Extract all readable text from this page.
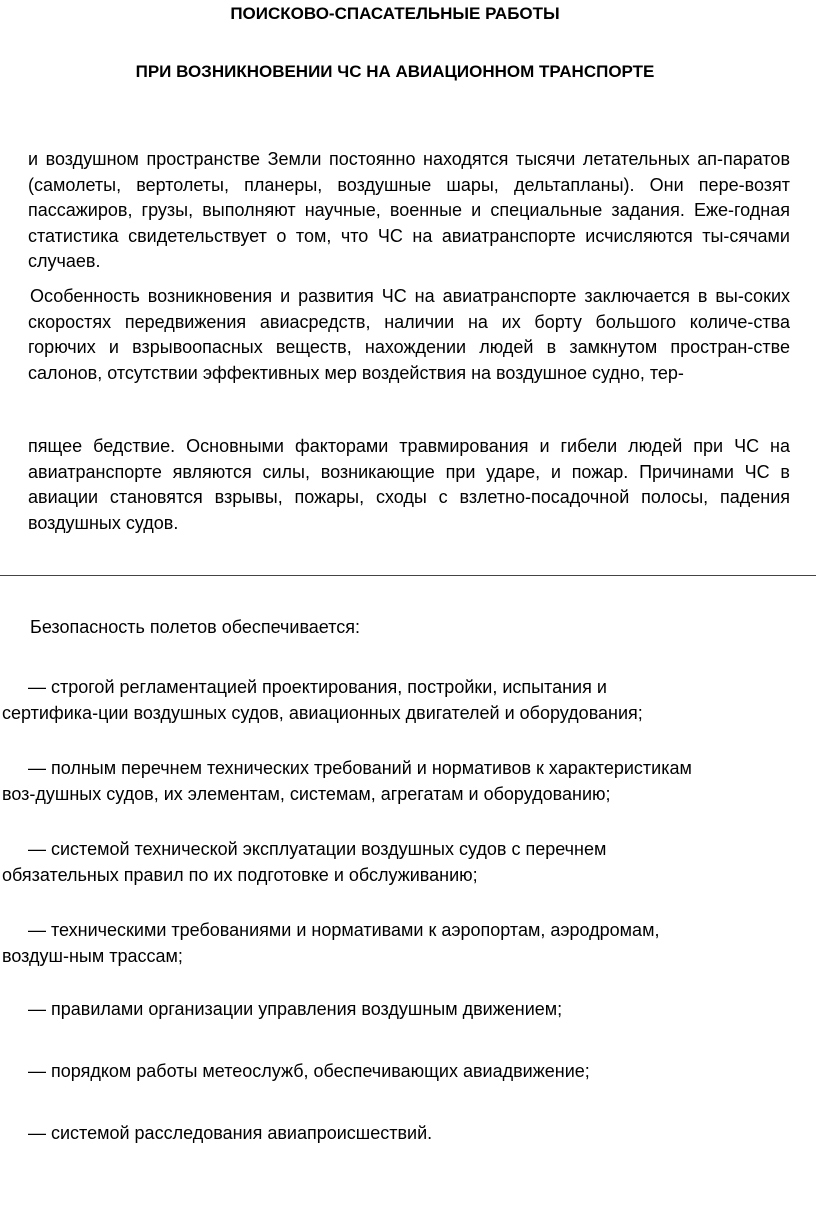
ПОИСКОВО-СПАСАТЕЛЬНЫЕ РАБОТЫ
ПРИ ВОЗНИКНОВЕНИИ ЧС НА АВИАЦИОННОМ ТРАНСПОРТЕ

и воздушном пространстве Земли постоянно находятся тысячи летательных ап-паратов (самолеты, вертолеты, планеры, воздушные шары, дельтапланы). Они пере-возят пассажиров, грузы, выполняют научные, военные и специальные задания. Еже-годная статистика свидетельствует о том, что ЧС на авиатранспорте исчисляются ты-сячами случаев.

Особенность возникновения и развития ЧС на авиатранспорте заключается в вы-соких скоростях передвижения авиасредств, наличии на их борту большого количе-ства горючих и взрывоопасных веществ, нахождении людей в замкнутом простран-стве салонов, отсутствии эффективных мер воздействия на воздушное судно, тер-

пящее бедствие. Основными факторами травмирования и гибели людей при ЧС на авиатранспорте являются силы, возникающие при ударе, и пожар. Причинами ЧС в авиации становятся взрывы, пожары, сходы с взлетно-посадочной полосы, падения воздушных судов.

Безопасность полетов обеспечивается:

— строгой регламентацией проектирования, постройки, испытания и
сертифика-ции воздушных судов, авиационных двигателей и оборудования;
— полным перечнем технических требований и нормативов к характеристикам
воз-душных судов, их элементам, системам, агрегатам и оборудованию;
— системой технической эксплуатации воздушных судов с перечнем
обязательных правил по их подготовке и обслуживанию;
— техническими требованиями и нормативами к аэропортам, аэродромам,
воздуш-ным трассам;
— правилами организации управления воздушным движением;
— порядком работы метеослужб, обеспечивающих авиадвижение;
— системой расследования авиапроисшествий.
